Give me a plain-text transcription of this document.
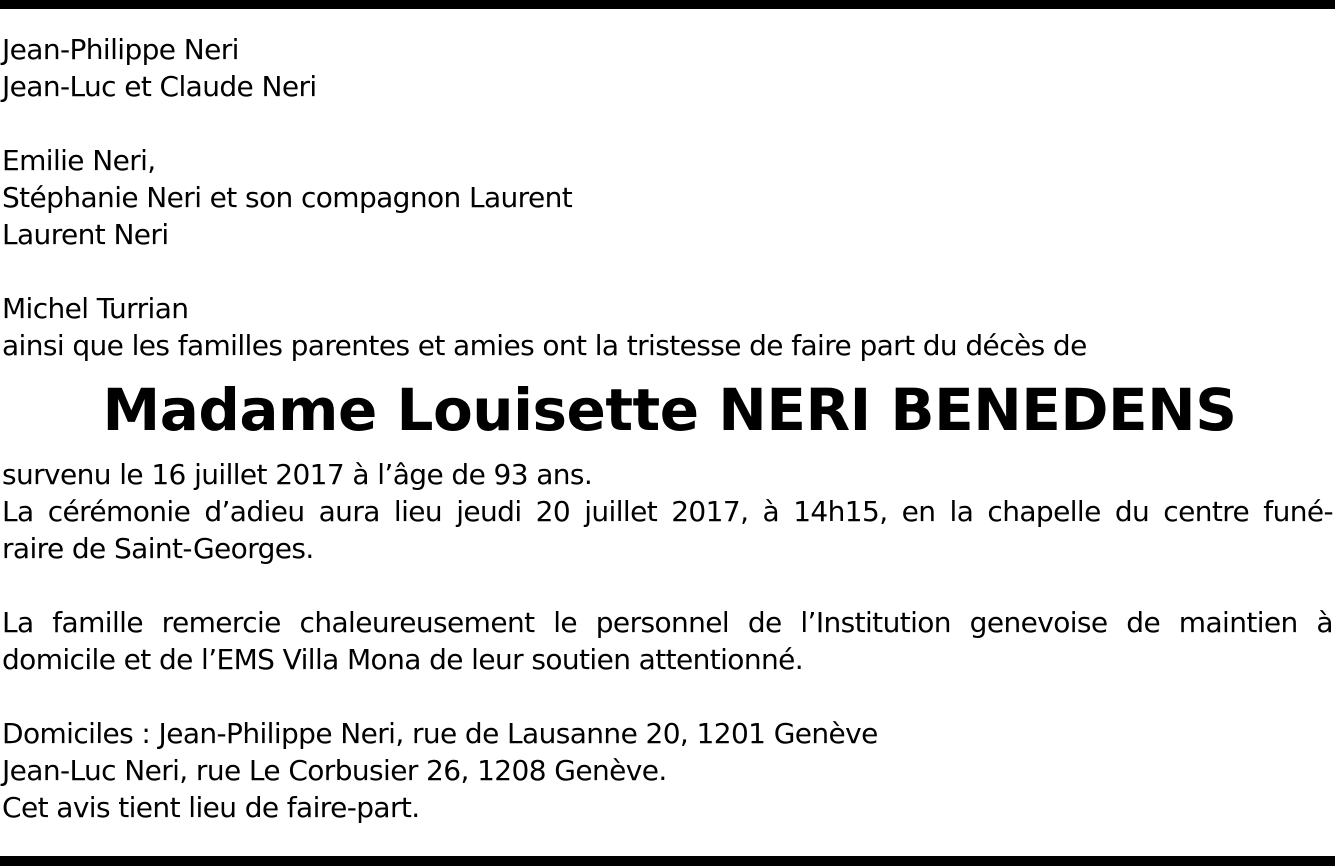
Jean-Philippe Neri
Jean-Luc et Claude Neri
Emilie Neri,
Stéphanie Neri et son compagnon Laurent
Laurent Neri
Michel Turrian
ainsi que les familles parentes et amies ont la tristesse de faire part du décès de
Madame Louisette NERI BENEDENS
survenu le 16 juillet 2017 à l’âge de 93 ans.
La cérémonie d’adieu aura lieu jeudi 20 juillet 2017, à 14h15, en la chapelle du centre funé-
raire de Saint-Georges.
La famille remercie chaleureusement le personnel de l’Institution genevoise de maintien à
domicile et de l’EMS Villa Mona de leur soutien attentionné.
Domiciles : Jean-Philippe Neri, rue de Lausanne 20, 1201 Genève
Jean-Luc Neri, rue Le Corbusier 26, 1208 Genève.
Cet avis tient lieu de faire-part.
